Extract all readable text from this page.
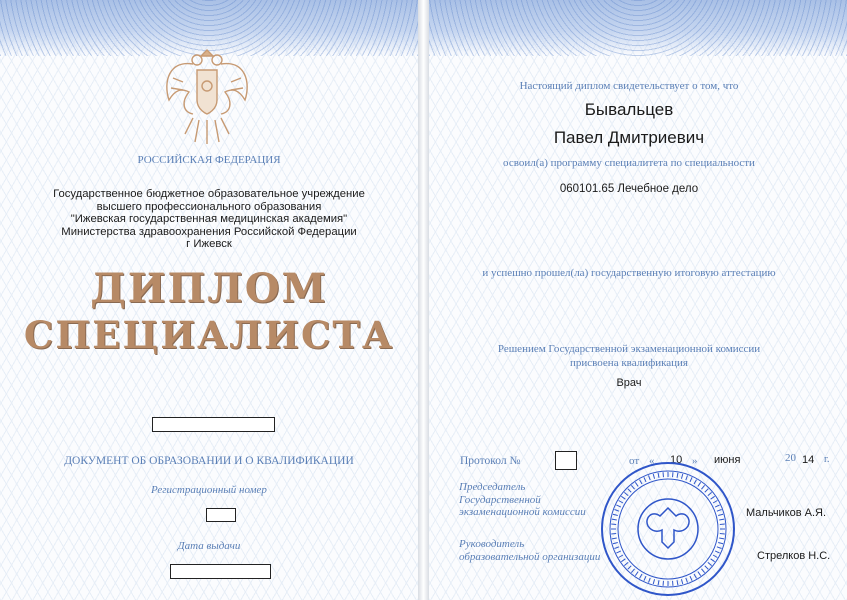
РОССИЙСКАЯ ФЕДЕРАЦИЯ
Государственное бюджетное образовательное учреждение
высшего профессионального образования
"Ижевская государственная медицинская академия"
Министерства здравоохранения Российской Федерации
г Ижевск
ДИПЛОМ
СПЕЦИАЛИСТА
ДОКУМЕНТ ОБ ОБРАЗОВАНИИ И О КВАЛИФИКАЦИИ
Регистрационный номер
Дата выдачи
Настоящий диплом свидетельствует о том, что
Бывальцев
Павел Дмитриевич
освоил(а) программу специалитета по специальности
060101.65 Лечебное дело
и успешно прошел(ла) государственную итоговую аттестацию
Решением Государственной экзаменационной комиссии
присвоена квалификация
Врач
Протокол №	от « 10 » июня	20 14 г.
Председатель
Государственной
экзаменационной комиссии	Мальчиков А.Я.
Руководитель
образовательной организации	Стрелков Н.С.
